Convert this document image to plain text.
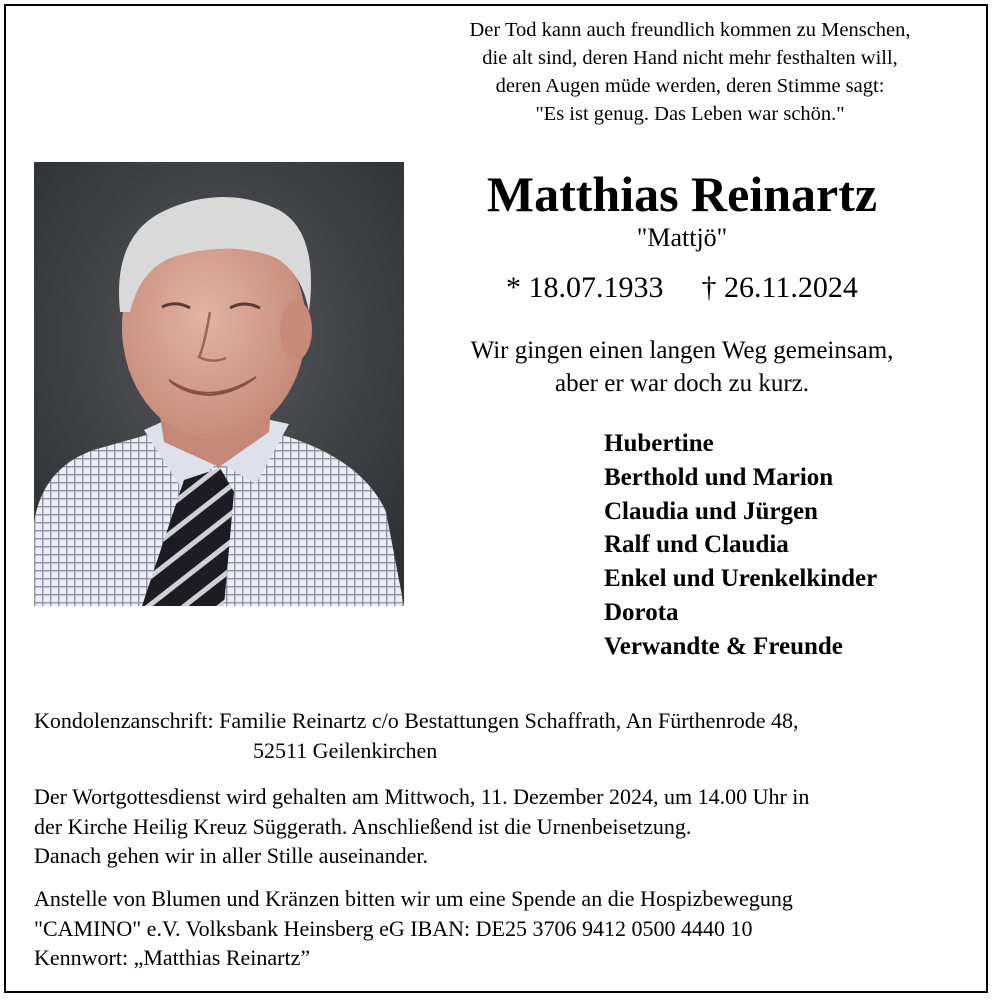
Der Tod kann auch freundlich kommen zu Menschen,
die alt sind, deren Hand nicht mehr festhalten will,
deren Augen müde werden, deren Stimme sagt:
"Es ist genug. Das Leben war schön."
Matthias Reinartz
"Mattjö"
* 18.07.1933 † 26.11.2024
Wir gingen einen langen Weg gemeinsam,
aber er war doch zu kurz.
Hubertine
Berthold und Marion
Claudia und Jürgen
Ralf und Claudia
Enkel und Urenkelkinder
Dorota
Verwandte & Freunde
Kondolenzanschrift: Familie Reinartz c/o Bestattungen Schaffrath, An Fürthenrode 48,
52511 Geilenkirchen
Der Wortgottesdienst wird gehalten am Mittwoch, 11. Dezember 2024, um 14.00 Uhr in
der Kirche Heilig Kreuz Süggerath. Anschließend ist die Urnenbeisetzung.
Danach gehen wir in aller Stille auseinander.
Anstelle von Blumen und Kränzen bitten wir um eine Spende an die Hospizbewegung
"CAMINO" e.V. Volksbank Heinsberg eG IBAN: DE25 3706 9412 0500 4440 10
Kennwort: „Matthias Reinartz”
